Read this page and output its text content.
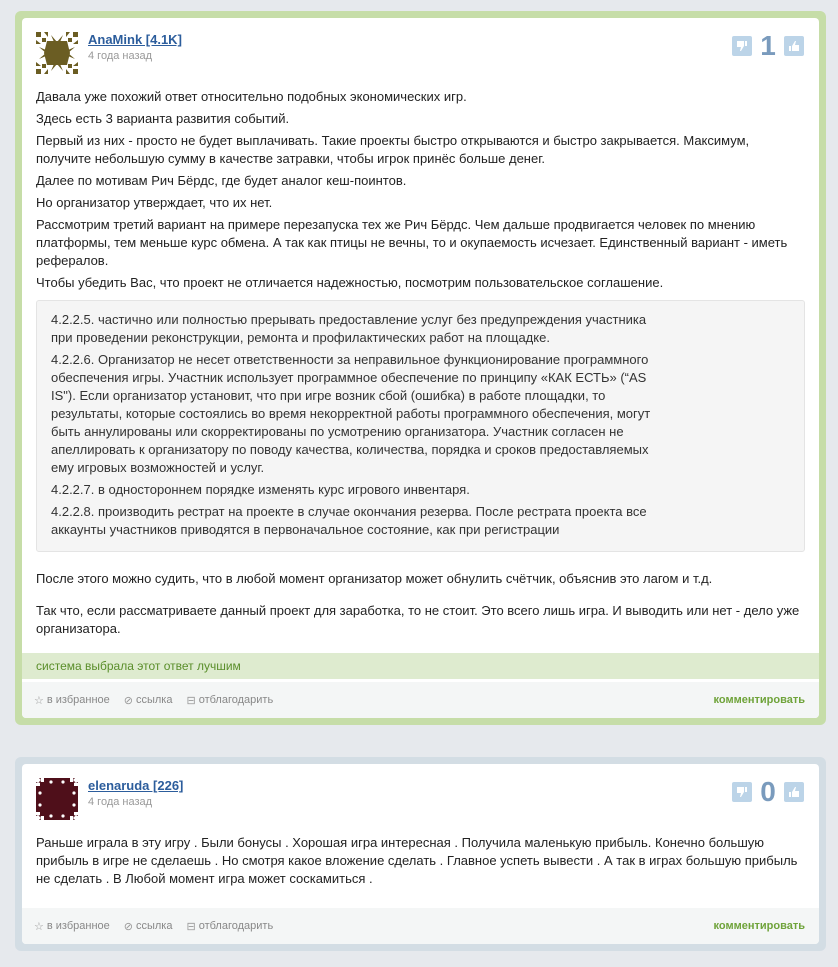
AnaMink [4.1K]
4 года назад	1

Давала уже похожий ответ относительно подобных экономических игр.

Здесь есть 3 варианта развития событий.

Первый из них - просто не будет выплачивать. Такие проекты быстро открываются и быстро закрывается. Максимум, получите небольшую сумму в качестве затравки, чтобы игрок принёс больше денег.

Далее по мотивам Рич Бёрдс, где будет аналог кеш-поинтов.

Но организатор утверждает, что их нет.

Рассмотрим третий вариант на примере перезапуска тех же Рич Бёрдс. Чем дальше продвигается человек по мнению платформы, тем меньше курс обмена. А так как птицы не вечны, то и окупаемость исчезает. Единственный вариант - иметь рефералов.

Чтобы убедить Вас, что проект не отличается надежностью, посмотрим пользовательское соглашение.

4.2.2.5. частично или полностью прерывать предоставление услуг без предупреждения участника при проведении реконструкции, ремонта и профилактических работ на площадке.

4.2.2.6. Организатор не несет ответственности за неправильное функционирование программного обеспечения игры. Участник использует программное обеспечение по принципу «КАК ЕСТЬ» (“AS IS"). Если организатор установит, что при игре возник сбой (ошибка) в работе площадки, то результаты, которые состоялись во время некорректной работы программного обеспечения, могут быть аннулированы или скорректированы по усмотрению организатора. Участник согласен не апеллировать к организатору по поводу качества, количества, порядка и сроков предоставляемых ему игровых возможностей и услуг.

4.2.2.7. в одностороннем порядке изменять курс игрового инвентаря.

4.2.2.8. производить рестрат на проекте в случае окончания резерва. После рестрата проекта все аккаунты участников приводятся в первоначальное состояние, как при регистрации

После этого можно судить, что в любой момент организатор может обнулить счётчик, объяснив это лагом и т.д.

Так что, если рассматриваете данный проект для заработка, то не стоит. Это всего лишь игра. И выводить или нет - дело уже организатора.

система выбрала этот ответ лучшим
☆ в избранное ⊘ ссылка ⊟ отблагодарить	комментировать
elenaruda [226]
4 года назад	0

Раньше играла в эту игру . Были бонусы . Хорошая игра интересная . Получила маленькую прибыль. Конечно большую прибыль в игре не сделаешь . Но смотря какое вложение сделать . Главное успеть вывести . А так в играх большую прибыль не сделать . В Любой момент игра может соскамиться .

☆ в избранное ⊘ ссылка ⊟ отблагодарить	комментировать
